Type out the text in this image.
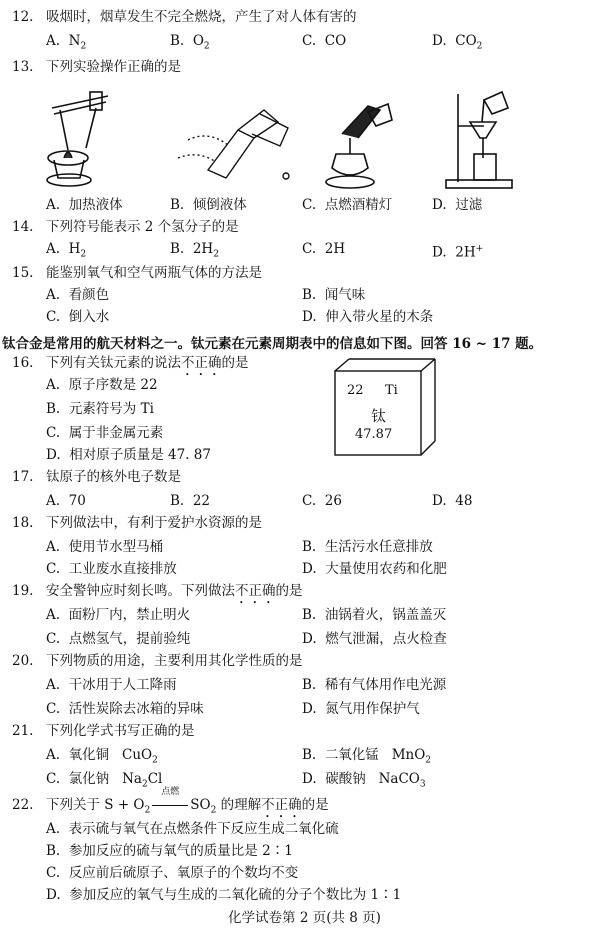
12. 吸烟时，烟草发生不完全燃烧，产生了对人体有害的
A. $N_2$	B. $O_2$	C. CO	D. $CO_2$
13. 下列实验操作正确的是
A. 加热液体	B. 倾倒液体	C. 点燃酒精灯	D. 过滤
14. 下列符号能表示 2 个氢分子的是
A. $H_2$	B. $2H_2$	C. 2H	D. 2H+
15. 能鉴别氧气和空气两瓶气体的方法是
A. 看颜色	B. 闻气味
C. 倒入水	D. 伸入带火星的木条
钛合金是常用的航天材料之一。钛元素在元素周期表中的信息如下图。回答 16 ~ 17 题。
16. 下列有关钛元素的说法不正确的是
A. 原子序数是 22
B. 元素符号为 Ti
C. 属于非金属元素
D. 相对原子质量是 47. 87
22 Ti
钛
47.87
17. 钛原子的核外电子数是
A. 70	B. 22	C. 26	D. 48
18. 下列做法中，有利于爱护水资源的是
A. 使用节水型马桶	B. 生活污水任意排放
C. 工业废水直接排放	D. 大量使用农药和化肥
19. 安全警钟应时刻长鸣。下列做法不正确的是
A. 面粉厂内，禁止明火	B. 油锅着火，锅盖盖灭
C. 点燃氢气，提前验纯	D. 燃气泄漏，点火检查
20. 下列物质的用途，主要利用其化学性质的是
A. 干冰用于人工降雨	B. 稀有气体用作电光源
C. 活性炭除去冰箱的异味	D. 氮气用作保护气
21. 下列化学式书写正确的是
A. 氧化铜 CuO$_2$	B. 二氧化锰 MnO$_2$
C. 氯化钠 $Na_2Cl$	D. 碳酸钠 NaCO$_3$
22. 下列关于 $S + O_2$
点燃
$SO_2$ 的理解不正确的是
A. 表示硫与氧气在点燃条件下反应生成二氧化硫
B. 参加反应的硫与氧气的质量比是 2∶1
C. 反应前后硫原子、氧原子的个数均不变
D. 参加反应的氧气与生成的二氧化硫的分子个数比为 1∶1
化学试卷第 2 页(共 8 页)
